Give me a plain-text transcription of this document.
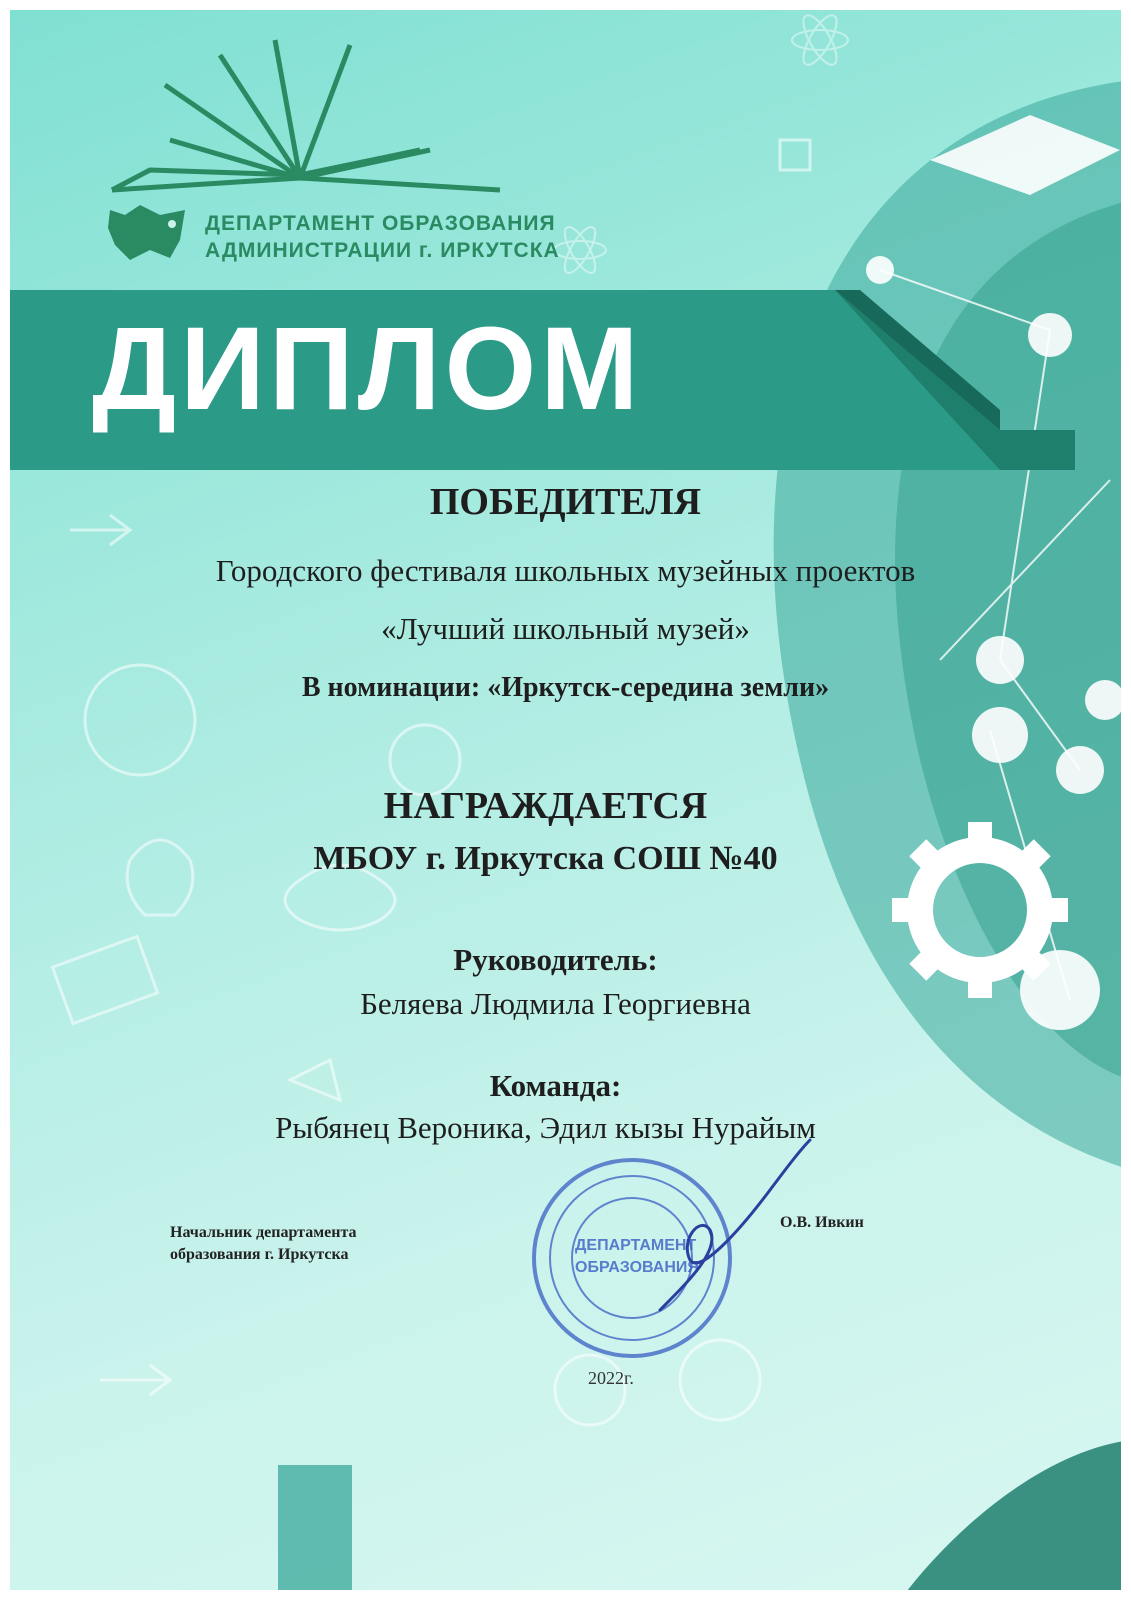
ДЕПАРТАМЕНТ
ОБРАЗОВАНИЯ
ДЕПАРТАМЕНТ ОБРАЗОВАНИЯ
АДМИНИСТРАЦИИ г. ИРКУТСКА
ДИПЛОМ
ПОБЕДИТЕЛЯ
Городского фестиваля школьных музейных проектов
«Лучший школьный музей»
В номинации: «Иркутск-середина земли»
НАГРАЖДАЕТСЯ
МБОУ г. Иркутска СОШ №40
Руководитель:
Беляева Людмила Георгиевна
Команда:
Рыбянец Вероника, Эдил кызы Нурайым
Начальник департамента
образования г. Иркутска
О.В. Ивкин
2022г.
